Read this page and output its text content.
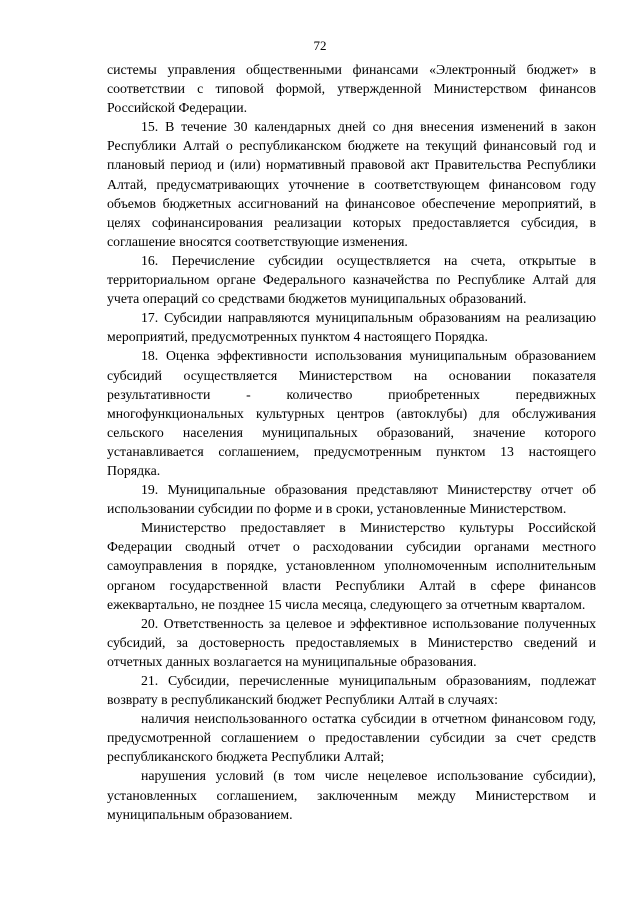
72

системы управления общественными финансами «Электронный бюджет» в соответствии с типовой формой, утвержденной Министерством финансов Российской Федерации.

15. В течение 30 календарных дней со дня внесения изменений в закон Республики Алтай о республиканском бюджете на текущий финансовый год и плановый период и (или) нормативный правовой акт Правительства Республики Алтай, предусматривающих уточнение в соответствующем финансовом году объемов бюджетных ассигнований на финансовое обеспечение мероприятий, в целях софинансирования реализации которых предоставляется субсидия, в соглашение вносятся соответствующие изменения.

16. Перечисление субсидии осуществляется на счета, открытые в территориальном органе Федерального казначейства по Республике Алтай для учета операций со средствами бюджетов муниципальных образований.

17. Субсидии направляются муниципальным образованиям на реализацию мероприятий, предусмотренных пунктом 4 настоящего Порядка.

18. Оценка эффективности использования муниципальным образованием субсидий осуществляется Министерством на основании показателя результативности - количество приобретенных передвижных многофункциональных культурных центров (автоклубы) для обслуживания сельского населения муниципальных образований, значение которого устанавливается соглашением, предусмотренным пунктом 13 настоящего Порядка.

19. Муниципальные образования представляют Министерству отчет об использовании субсидии по форме и в сроки, установленные Министерством.

Министерство предоставляет в Министерство культуры Российской Федерации сводный отчет о расходовании субсидии органами местного самоуправления в порядке, установленном уполномоченным исполнительным органом государственной власти Республики Алтай в сфере финансов ежеквартально, не позднее 15 числа месяца, следующего за отчетным кварталом.

20. Ответственность за целевое и эффективное использование полученных субсидий, за достоверность предоставляемых в Министерство сведений и отчетных данных возлагается на муниципальные образования.

21. Субсидии, перечисленные муниципальным образованиям, подлежат возврату в республиканский бюджет Республики Алтай в случаях:

наличия неиспользованного остатка субсидии в отчетном финансовом году, предусмотренной соглашением о предоставлении субсидии за счет средств республиканского бюджета Республики Алтай;

нарушения условий (в том числе нецелевое использование субсидии), установленных соглашением, заключенным между Министерством и муниципальным образованием.
